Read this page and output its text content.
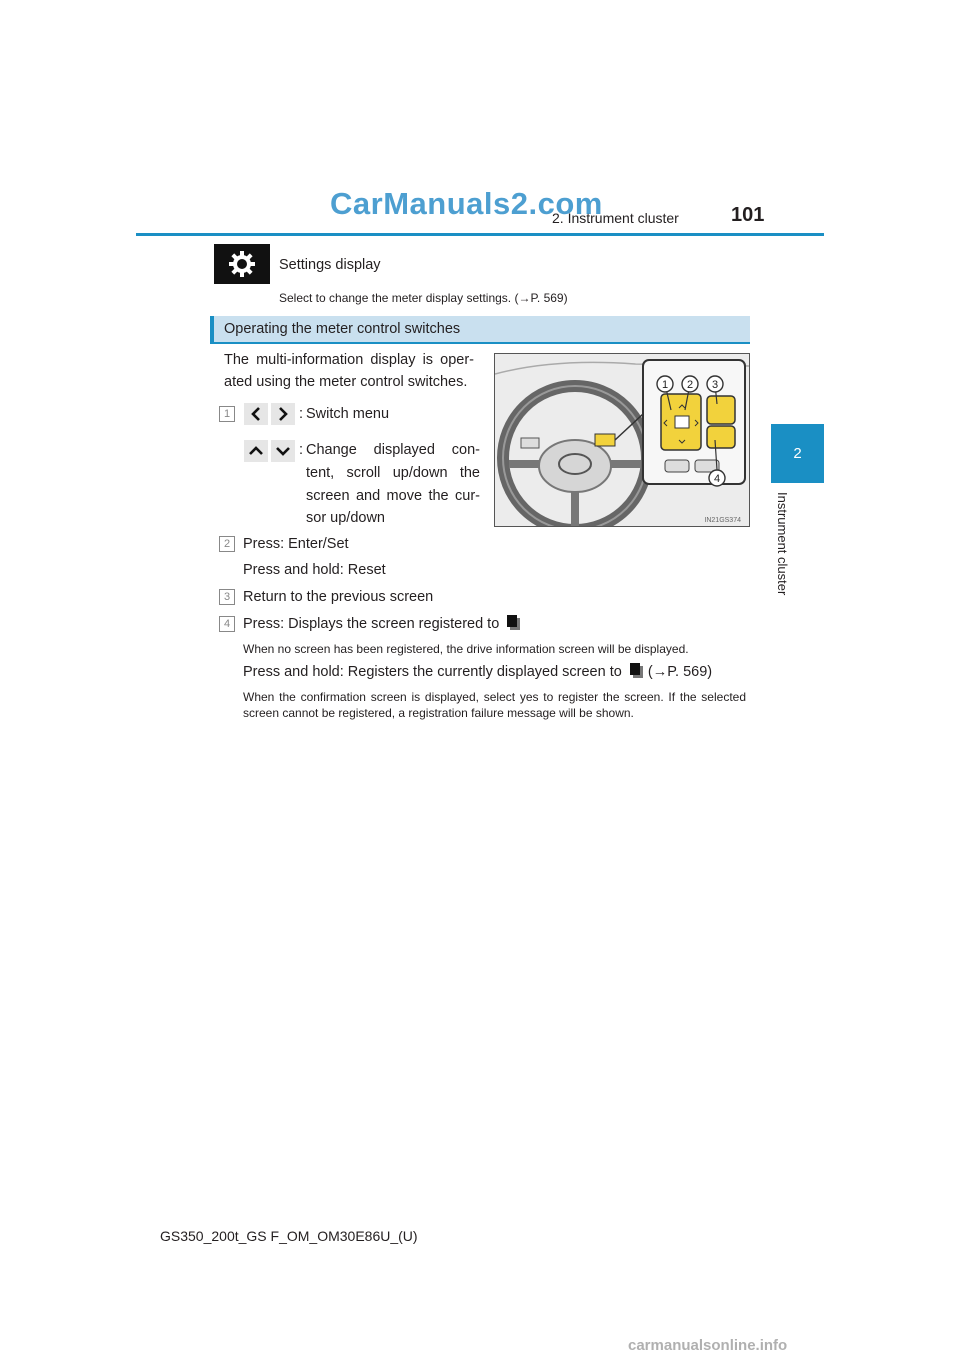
CarManuals2.com
2. Instrument cluster	101
2
Instrument cluster
Settings display
Select to change the meter display settings. (→P. 569)
Operating the meter control switches
The multi-information display is oper-ated using the meter control switches.
1	: Switch menu
: Change displayed con-
tent, scroll up/down the
screen and move the cur-
sor up/down
1 2 3
4
IN21GS374
2 Press: Enter/Set
Press and hold: Reset
3 Return to the previous screen
4 Press: Displays the screen registered to
When no screen has been registered, the drive information screen will be displayed.
Press and hold: Registers the currently displayed screen to (→P. 569)
When the confirmation screen is displayed, select yes to register the screen. If the selected screen cannot be registered, a registration failure message will be shown.
GS350_200t_GS F_OM_OM30E86U_(U)
carmanualsonline.info
